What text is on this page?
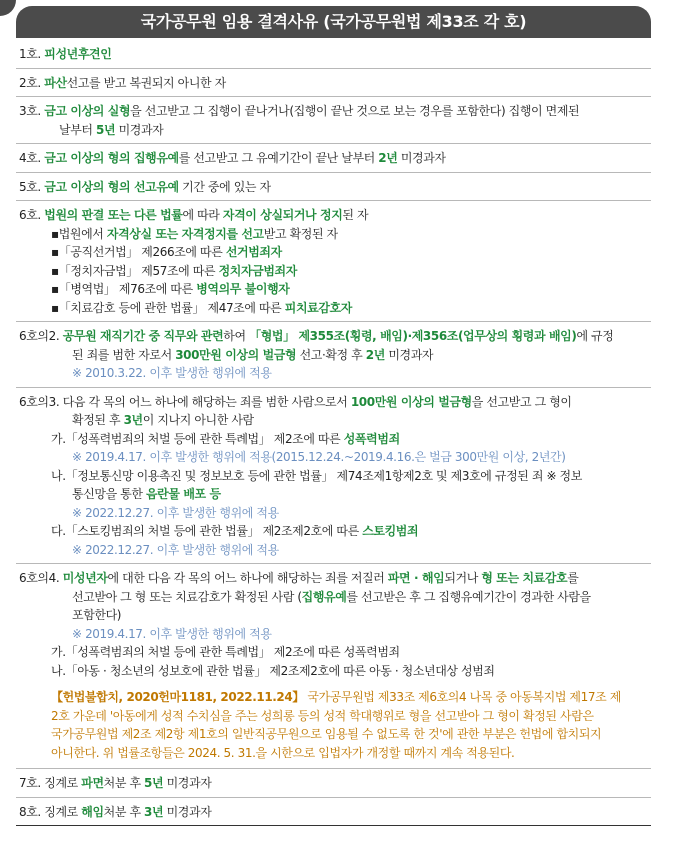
국가공무원 임용 결격사유 (국가공무원법 제33조 각 호)
1호. 피성년후견인
2호. 파산선고를 받고 복권되지 아니한 자

3호. 금고 이상의 실형을 선고받고 그 집행이 끝나거나(집행이 끝난 것으로 보는 경우를 포함한다) 집행이 면제된

날부터 5년 미경과자

4호. 금고 이상의 형의 집행유예를 선고받고 그 유예기간이 끝난 날부터 2년 미경과자
5호. 금고 이상의 형의 선고유예 기간 중에 있는 자

6호. 법원의 판결 또는 다른 법률에 따라 자격이 상실되거나 정지된 자

▪법원에서 자격상실 또는 자격정지를 선고받고 확정된 자

▪「공직선거법」 제266조에 따른 선거범죄자

▪「정치자금법」 제57조에 따른 정치자금범죄자

▪「병역법」 제76조에 따른 병역의무 불이행자

▪「치료감호 등에 관한 법률」 제47조에 따른 피치료감호자

6호의2. 공무원 재직기간 중 직무와 관련하여 「형법」 제355조(횡령, 배임)·제356조(업무상의 횡령과 배임)에 규정

된 죄를 범한 자로서 300만원 이상의 벌금형 선고·확정 후 2년 미경과자

※ 2010.3.22. 이후 발생한 행위에 적용

6호의3. 다음 각 목의 어느 하나에 해당하는 죄를 범한 사람으로서 100만원 이상의 벌금형을 선고받고 그 형이

확정된 후 3년이 지나지 아니한 사람

가.「성폭력범죄의 처벌 등에 관한 특례법」 제2조에 따른 성폭력범죄

※ 2019.4.17. 이후 발생한 행위에 적용(2015.12.24.~2019.4.16.은 벌금 300만원 이상, 2년간)

나.「정보통신망 이용촉진 및 정보보호 등에 관한 법률」 제74조제1항제2호 및 제3호에 규정된 죄 ※ 정보

통신망을 통한 음란물 배포 등

※ 2022.12.27. 이후 발생한 행위에 적용

다.「스토킹범죄의 처벌 등에 관한 법률」 제2조제2호에 따른 스토킹범죄

※ 2022.12.27. 이후 발생한 행위에 적용

6호의4. 미성년자에 대한 다음 각 목의 어느 하나에 해당하는 죄를 저질러 파면 · 해임되거나 형 또는 치료감호를

선고받아 그 형 또는 치료감호가 확정된 사람 (집행유예를 선고받은 후 그 집행유예기간이 경과한 사람을

포함한다)

※ 2019.4.17. 이후 발생한 행위에 적용

가.「성폭력범죄의 처벌 등에 관한 특례법」 제2조에 따른 성폭력범죄

나.「아동 · 청소년의 성보호에 관한 법률」 제2조제2호에 따른 아동 · 청소년대상 성범죄

【헌법불합치, 2020헌마1181, 2022.11.24】 국가공무원법 제33조 제6호의4 나목 중 아동복지법 제17조 제

2호 가운데 '아동에게 성적 수치심을 주는 성희롱 등의 성적 학대행위로 형을 선고받아 그 형이 확정된 사람은

국가공무원법 제2조 제2항 제1호의 일반직공무원으로 임용될 수 없도록 한 것'에 관한 부분은 헌법에 합치되지

아니한다. 위 법률조항들은 2024. 5. 31.을 시한으로 입법자가 개정할 때까지 계속 적용된다.

7호. 징계로 파면처분 후 5년 미경과자
8호. 징계로 해임처분 후 3년 미경과자
